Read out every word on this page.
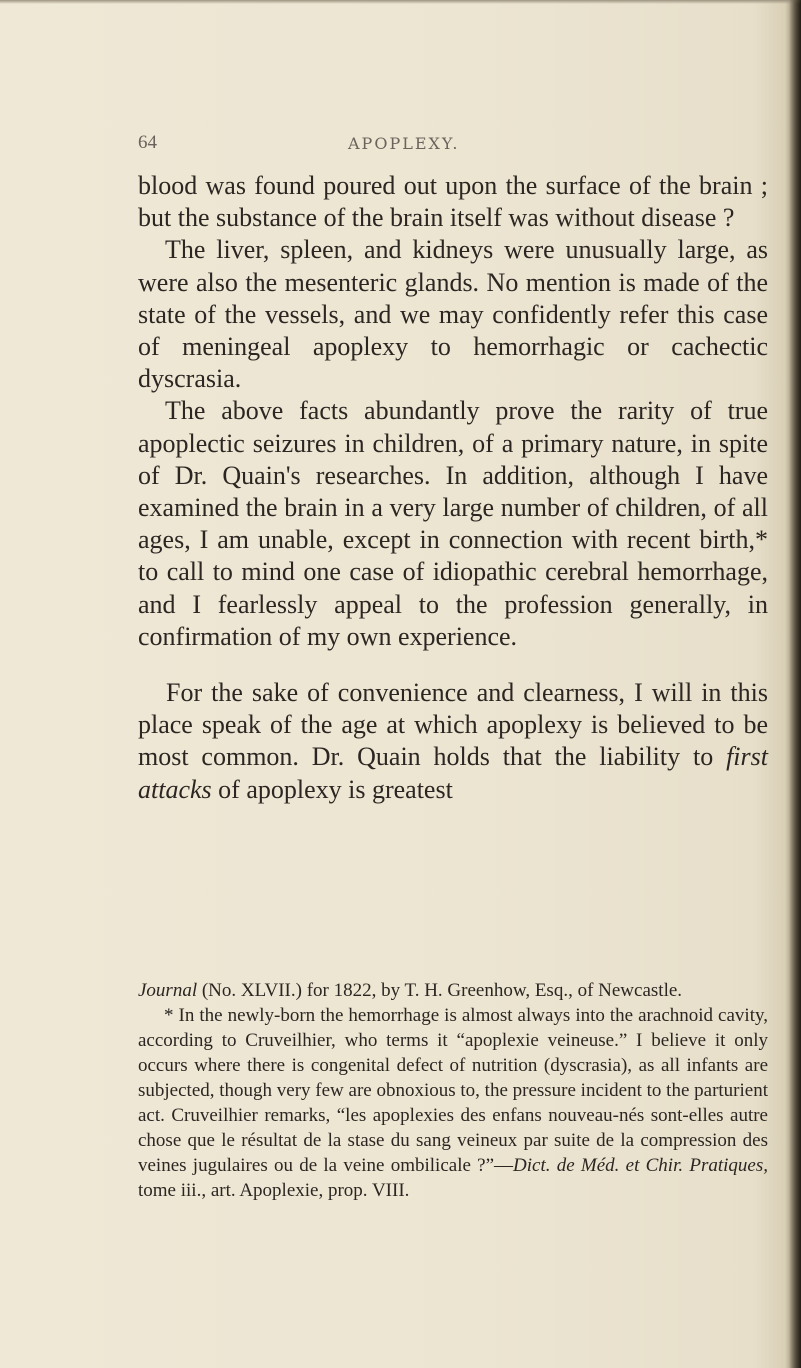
64	APOPLEXY.

blood was found poured out upon the surface of the brain ; but the substance of the brain itself was without disease ?

The liver, spleen, and kidneys were unusually large, as were also the mesenteric glands. No mention is made of the state of the vessels, and we may confidently refer this case of meningeal apoplexy to hemorrhagic or cachectic dyscrasia.

The above facts abundantly prove the rarity of true apoplectic seizures in children, of a primary nature, in spite of Dr. Quain's researches. In addition, although I have examined the brain in a very large number of children, of all ages, I am unable, except in connection with recent birth,* to call to mind one case of idiopathic cerebral hemorrhage, and I fearlessly appeal to the profession generally, in confirmation of my own experience.

For the sake of convenience and clearness, I will in this place speak of the age at which apoplexy is believed to be most common. Dr. Quain holds that the liability to first attacks of apoplexy is greatest

Journal (No. XLVII.) for 1822, by T. H. Greenhow, Esq., of Newcastle.

* In the newly-born the hemorrhage is almost always into the arachnoid cavity, according to Cruveilhier, who terms it “apoplexie veineuse.” I believe it only occurs where there is congenital defect of nutrition (dyscrasia), as all infants are subjected, though very few are obnoxious to, the pressure incident to the parturient act. Cruveilhier remarks, “les apoplexies des enfans nouveau-nés sont-elles autre chose que le résultat de la stase du sang veineux par suite de la compression des veines jugulaires ou de la veine ombilicale ?”—Dict. de Méd. et Chir. Pratiques, tome iii., art. Apoplexie, prop. VIII.
